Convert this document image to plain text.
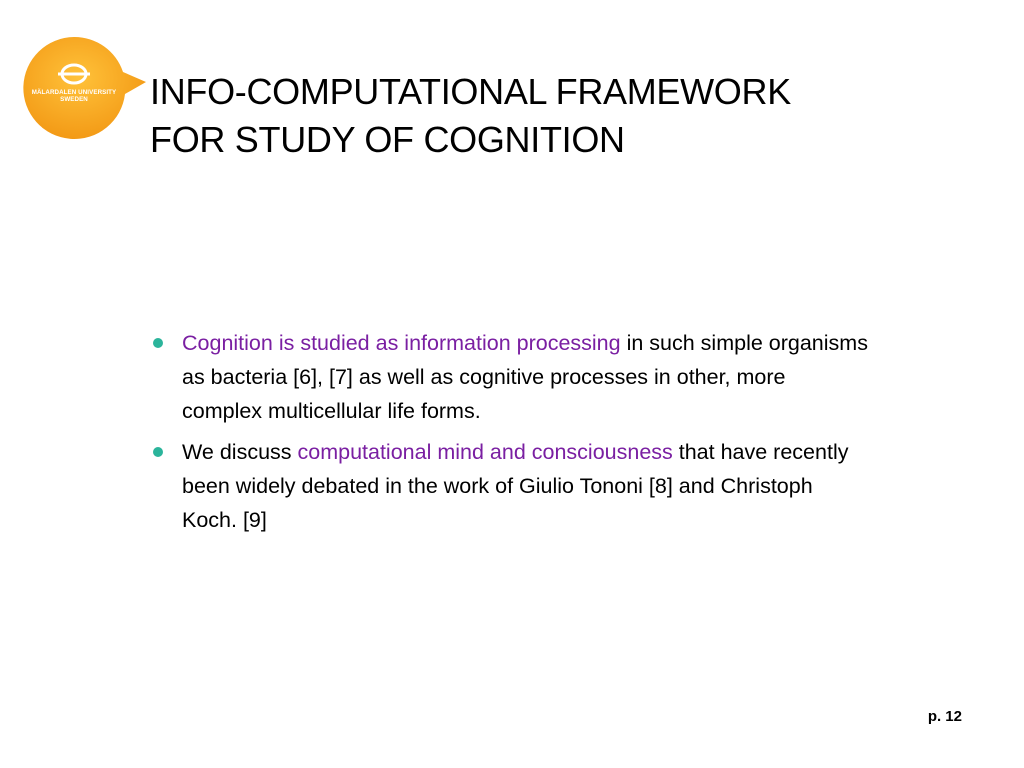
MÄLARDALEN UNIVERSITY
SWEDEN	INFO-COMPUTATIONAL FRAMEWORK
FOR STUDY OF COGNITION
Cognition is studied as information processing in such simple organisms as bacteria [6], [7] as well as cognitive processes in other, more complex multicellular life forms.
We discuss computational mind and consciousness that have recently been widely debated in the work of Giulio Tononi [8] and Christoph Koch. [9]
p. 12
